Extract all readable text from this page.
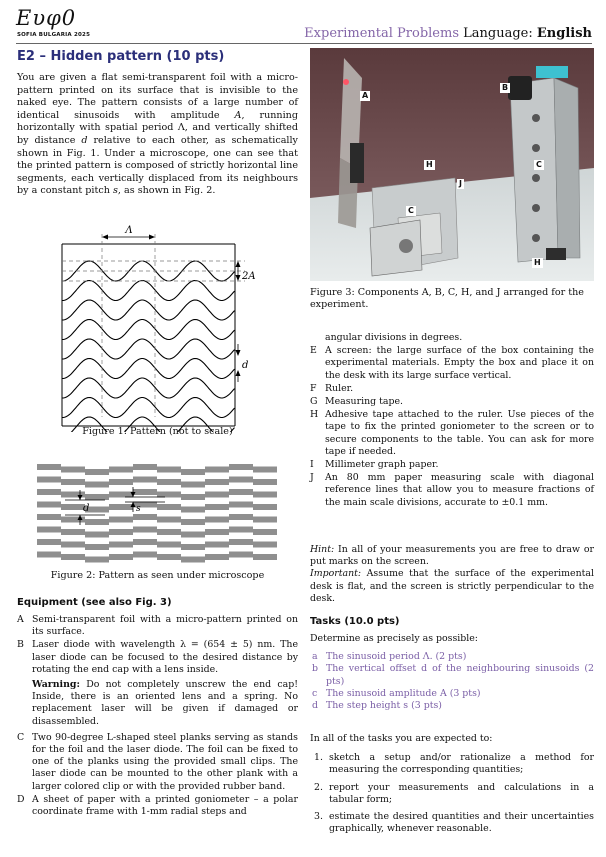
Ευφ0
SOFIA BULGARIA 2025	Experimental Problems Language: English
E2 – Hidden pattern (10 pts)
You are given a flat semi-transparent foil with a micro-pattern printed on its surface that is invisible to the naked eye. The pattern consists of a large number of identical sinusoids with amplitude A, running horizontally with spatial period Λ, and vertically shifted by distance d relative to each other, as schematically shown in Fig. 1. Under a microscope, one can see that the printed pattern is composed of strictly horizontal line segments, each vertically displaced from its neighbours by a constant pitch s, as shown in Fig. 2.
Λ
2A
d
Figure 1: Pattern (not to scale)
d	s
Figure 2: Pattern as seen under microscope
A
B
C
C
H
H
J
Figure 3: Components A, B, C, H, and J arranged for the experiment.
Equipment (see also Fig. 3)
A Semi-transparent foil with a micro-pattern printed on its surface.
B Laser diode with wavelength λ = (654 ± 5) nm. The laser diode can be focused to the desired distance by rotating the end cap with a lens inside.
Warning: Do not completely unscrew the end cap! Inside, there is an oriented lens and a spring. No replacement laser will be given if damaged or disassembled.
C Two 90-degree L-shaped steel planks serving as stands for the foil and the laser diode. The foil can be fixed to one of the planks using the provided small clips. The laser diode can be mounted to the other plank with a larger colored clip or with the provided rubber band.
D A sheet of paper with a printed goniometer – a polar coordinate frame with 1-mm radial steps and
angular divisions in degrees.
E A screen: the large surface of the box containing the experimental materials. Empty the box and place it on the desk with its large surface vertical.
F Ruler.
G Measuring tape.
H Adhesive tape attached to the ruler. Use pieces of the tape to fix the printed goniometer to the screen or to secure components to the table. You can ask for more tape if needed.
I Millimeter graph paper.
J An 80 mm paper measuring scale with diagonal reference lines that allow you to measure fractions of the main scale divisions, accurate to ±0.1 mm.
Hint: In all of your measurements you are free to draw or put marks on the screen.
Important: Assume that the surface of the experimental desk is flat, and the screen is strictly perpendicular to the desk.
Tasks (10.0 pts)
Determine as precisely as possible:
a The sinusoid period Λ. (2 pts)
b The vertical offset d of the neighbouring sinusoids (2 pts)
c The sinusoid amplitude A (3 pts)
d The step height s (3 pts)
In all of the tasks you are expected to:
1. sketch a setup and/or rationalize a method for measuring the corresponding quantities;
2. report your measurements and calculations in a tabular form;
3. estimate the desired quantities and their uncertainties graphically, whenever reasonable.
